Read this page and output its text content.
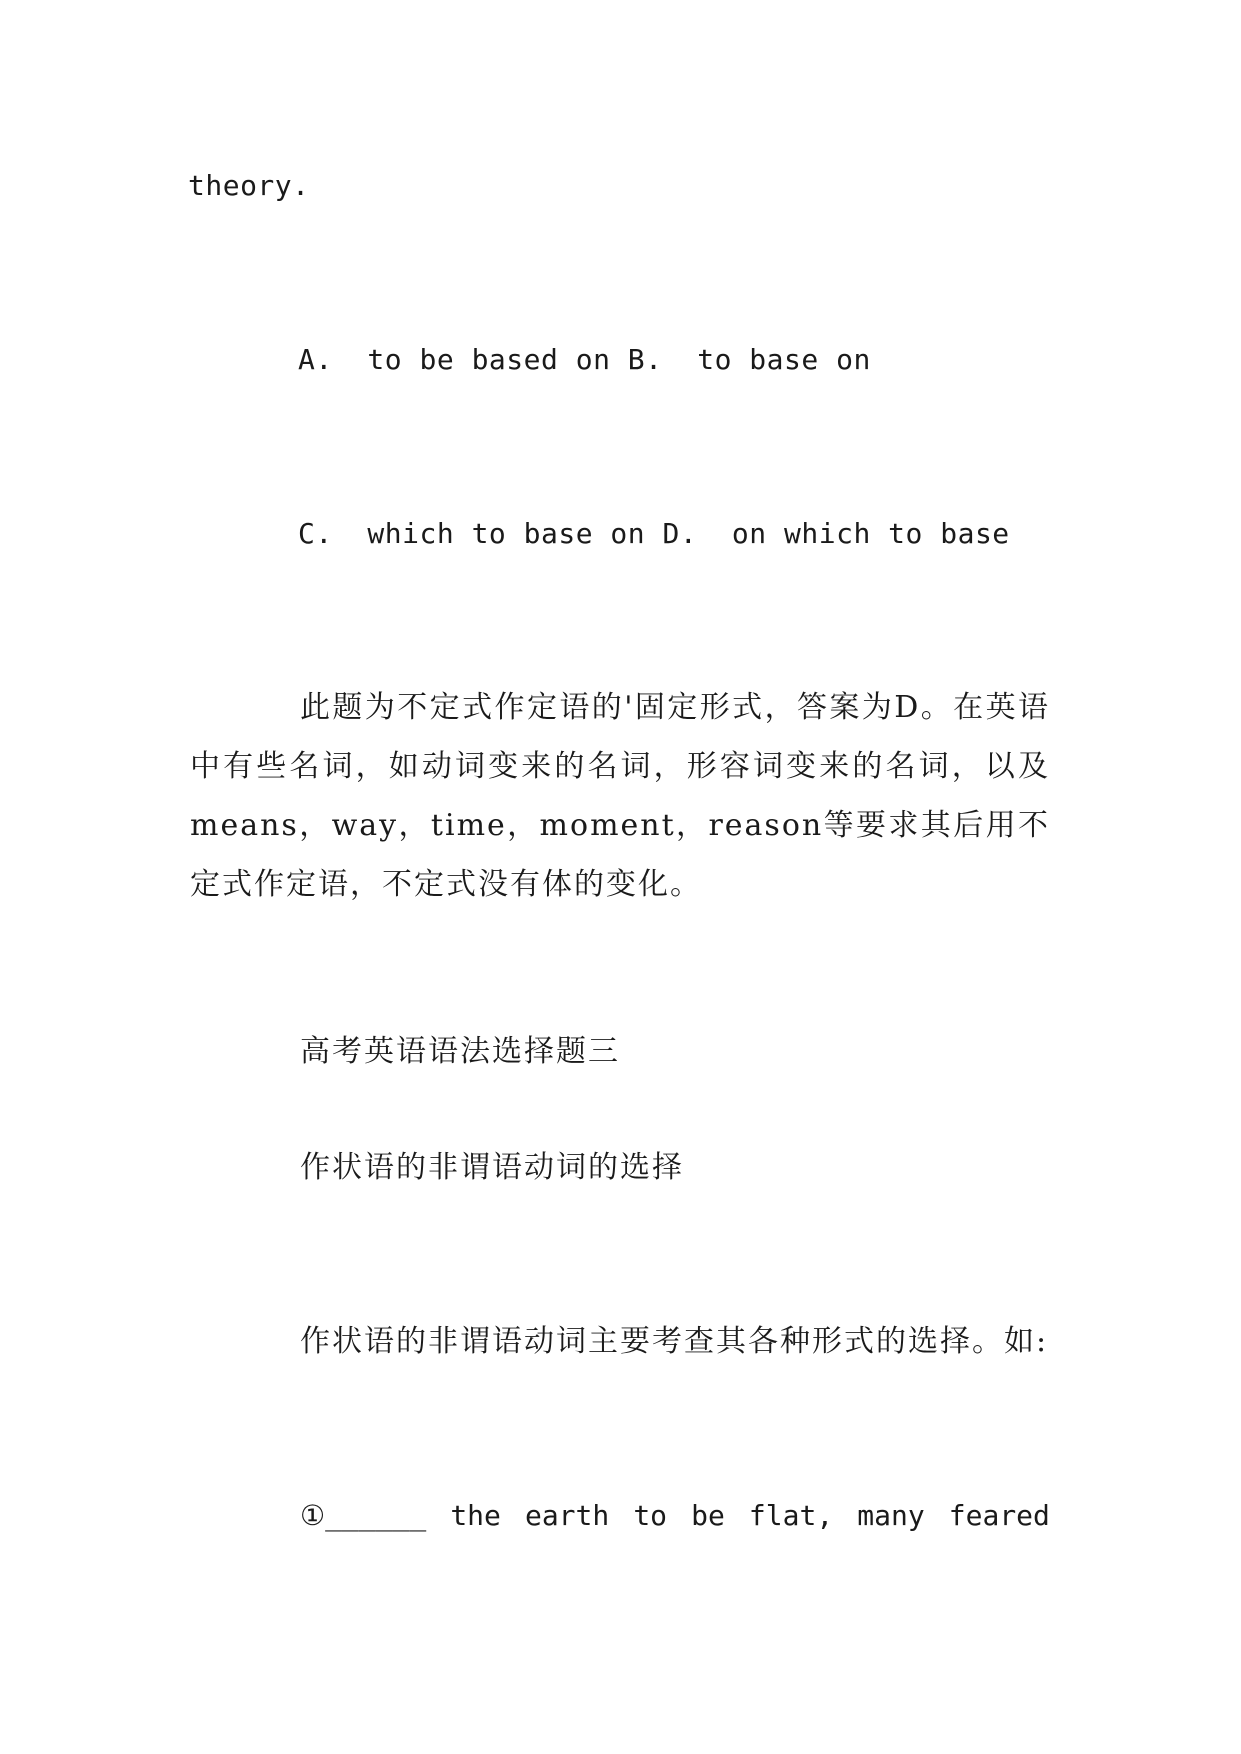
theory.
A.  to be based on B.  to base on
C.  which to base on D.  on which to base
此题为不定式作定语的'固定形式，答案为D。在英语中有些名词，如动词变来的名词，形容词变来的名词，以及means，way，time，moment，reason等要求其后用不定式作定语，不定式没有体的变化。
高考英语语法选择题三
作状语的非谓语动词的选择
作状语的非谓语动词主要考查其各种形式的选择。如:
①______ the earth to be flat, many feared
